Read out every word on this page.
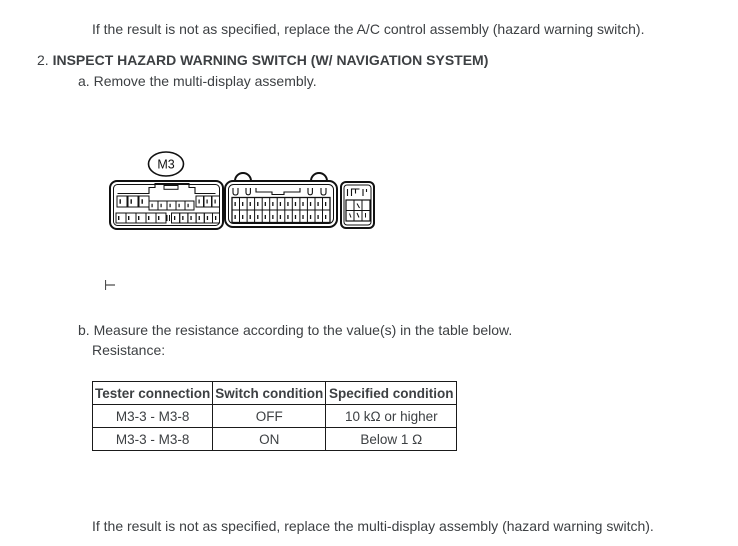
If the result is not as specified, replace the A/C control assembly (hazard warning switch).
2. INSPECT HAZARD WARNING SWITCH (W/ NAVIGATION SYSTEM)
a. Remove the multi-display assembly.
M3
⊢
b. Measure the resistance according to the value(s) in the table below.
Resistance:
Tester connection	Switch condition	Specified condition
M3-3 - M3-8	OFF	10 kΩ or higher
M3-3 - M3-8	ON	Below 1 Ω
If the result is not as specified, replace the multi-display assembly (hazard warning switch).
